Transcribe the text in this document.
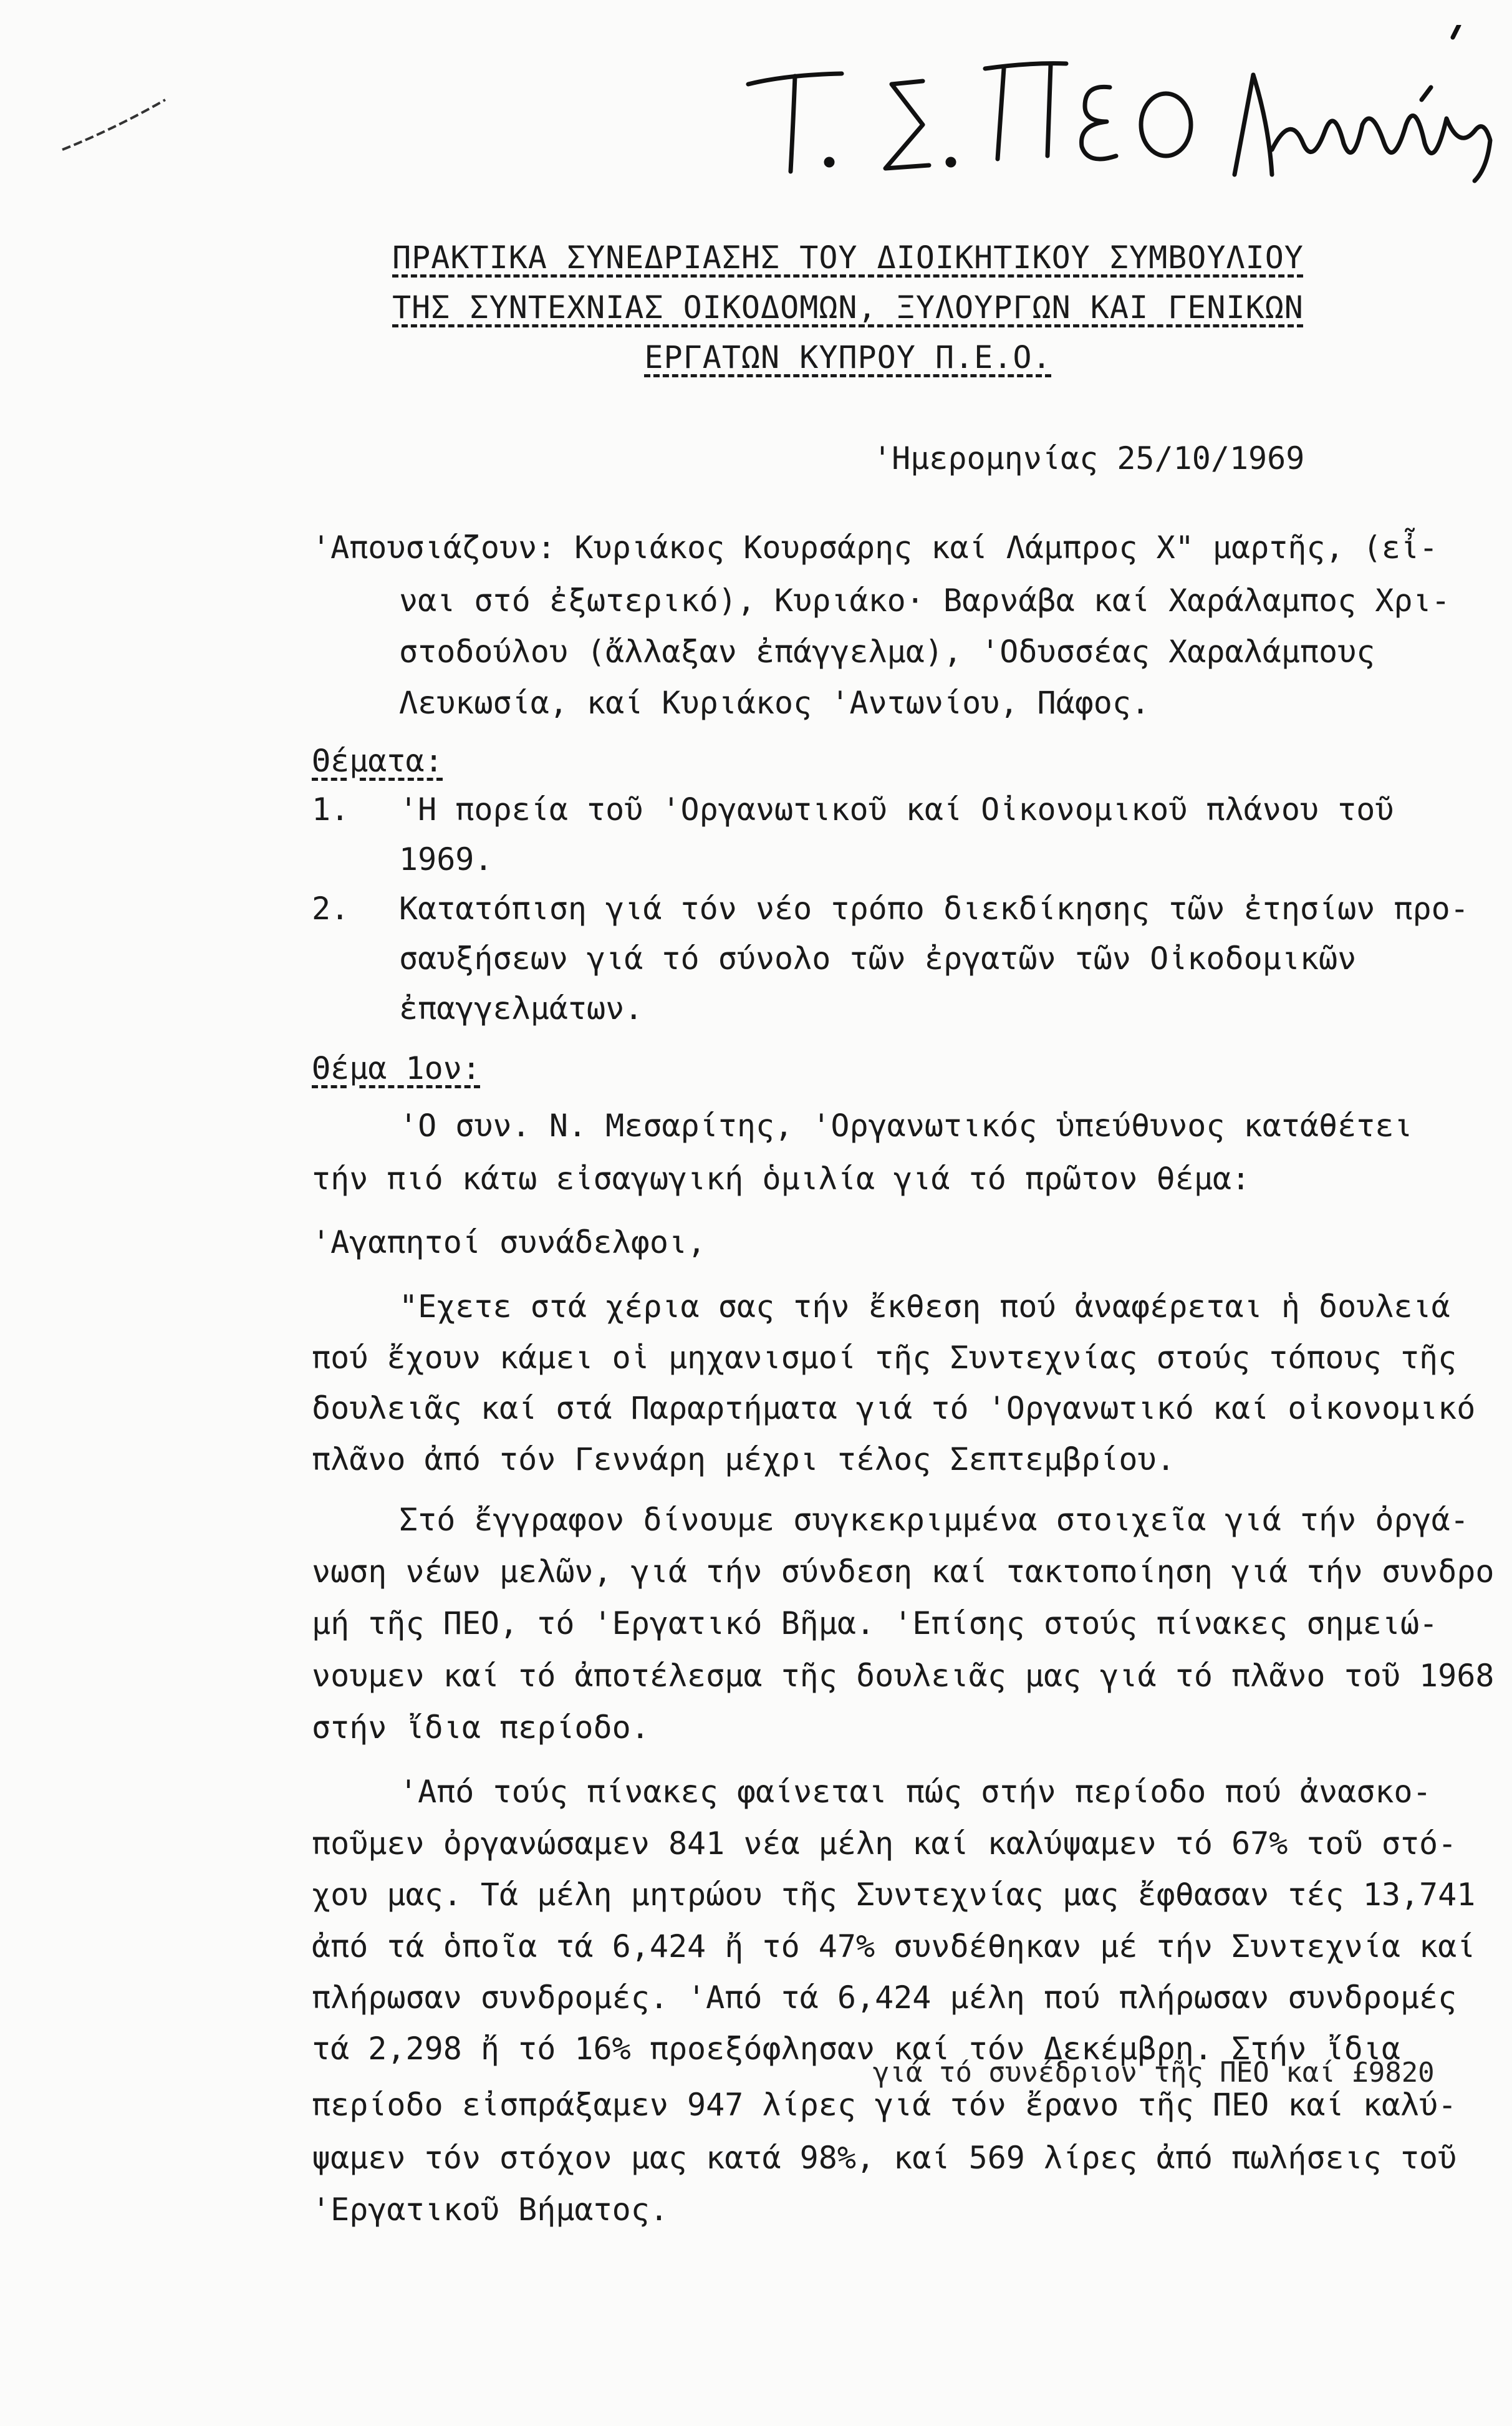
ΠΡΑΚΤΙΚΑ ΣΥΝΕΔΡΙΑΣΗΣ ΤΟΥ ΔΙΟΙΚΗΤΙΚΟΥ ΣΥΜΒΟΥΛΙΟΥ
ΤΗΣ ΣΥΝΤΕΧΝΙΑΣ ΟΙΚΟΔΟΜΩΝ, ΞΥΛΟΥΡΓΩΝ ΚΑΙ ΓΕΝΙΚΩΝ
ΕΡΓΑΤΩΝ ΚΥΠΡΟΥ Π.Ε.Ο.
'Ημερομηνίας 25/10/1969
'Απουσιάζουν: Κυριάκος Κουρσάρης καί Λάμπρος Χ" μαρτῆς, (εἶ-
ναι στό ἐξωτερικό), Κυριάκο· Βαρνάβα καί Χαράλαμπος Χρι-
στοδούλου (ἄλλαξαν ἐπάγγελμα), 'Οδυσσέας Χαραλάμπους
Λευκωσία, καί Κυριάκος 'Αντωνίου, Πάφος.
Θέματα:
1. 'Η πορεία τοῦ 'Οργανωτικοῦ καί Οἰκονομικοῦ πλάνου τοῦ
1969.
2. Κατατόπιση γιά τόν νέο τρόπο διεκδίκησης τῶν ἐτησίων προ-
σαυξήσεων γιά τό σύνολο τῶν ἐργατῶν τῶν Οἰκοδομικῶν
ἐπαγγελμάτων.
Θέμα 1ον:
'Ο συν. Ν. Μεσαρίτης, 'Οργανωτικός ὑπεύθυνος κατάθέτει
τήν πιό κάτω εἰσαγωγική ὁμιλία γιά τό πρῶτον θέμα:
'Αγαπητοί συνάδελφοι,
"Εχετε στά χέρια σας τήν ἔκθεση πού ἀναφέρεται ἡ δουλειά
πού ἔχουν κάμει οἱ μηχανισμοί τῆς Συντεχνίας στούς τόπους τῆς
δουλειᾶς καί στά Παραρτήματα γιά τό 'Οργανωτικό καί οἰκονομικό
πλᾶνο ἀπό τόν Γεννάρη μέχρι τέλος Σεπτεμβρίου.
Στό ἔγγραφον δίνουμε συγκεκριμμένα στοιχεῖα γιά τήν ὀργά-
νωση νέων μελῶν, γιά τήν σύνδεση καί τακτοποίηση γιά τήν συνδρο
μή τῆς ΠΕΟ, τό 'Εργατικό Βῆμα. 'Επίσης στούς πίνακες σημειώ-
νουμεν καί τό ἀποτέλεσμα τῆς δουλειᾶς μας γιά τό πλᾶνο τοῦ 1968
στήν ἴδια περίοδο.
'Από τούς πίνακες φαίνεται πώς στήν περίοδο πού ἀνασκο-
ποῦμεν ὀργανώσαμεν 841 νέα μέλη καί καλύψαμεν τό 67% τοῦ στό-
χου μας. Τά μέλη μητρώου τῆς Συντεχνίας μας ἔφθασαν τές 13,741
ἀπό τά ὁποῖα τά 6,424 ἤ τό 47% συνδέθηκαν μέ τήν Συντεχνία καί
πλήρωσαν συνδρομές. 'Από τά 6,424 μέλη πού πλήρωσαν συνδρομές
τά 2,298 ἤ τό 16% προεξόφλησαν καί τόν Δεκέμβρη. Στήν ἴδια
γιά τό συνέδριον τῆς ΠΕΟ καί £9820
περίοδο εἰσπράξαμεν 947 λίρες γιά τόν ἔρανο τῆς ΠΕΟ καί καλύ-
ψαμεν τόν στόχον μας κατά 98%, καί 569 λίρες ἀπό πωλήσεις τοῦ
'Εργατικοῦ Βήματος.
